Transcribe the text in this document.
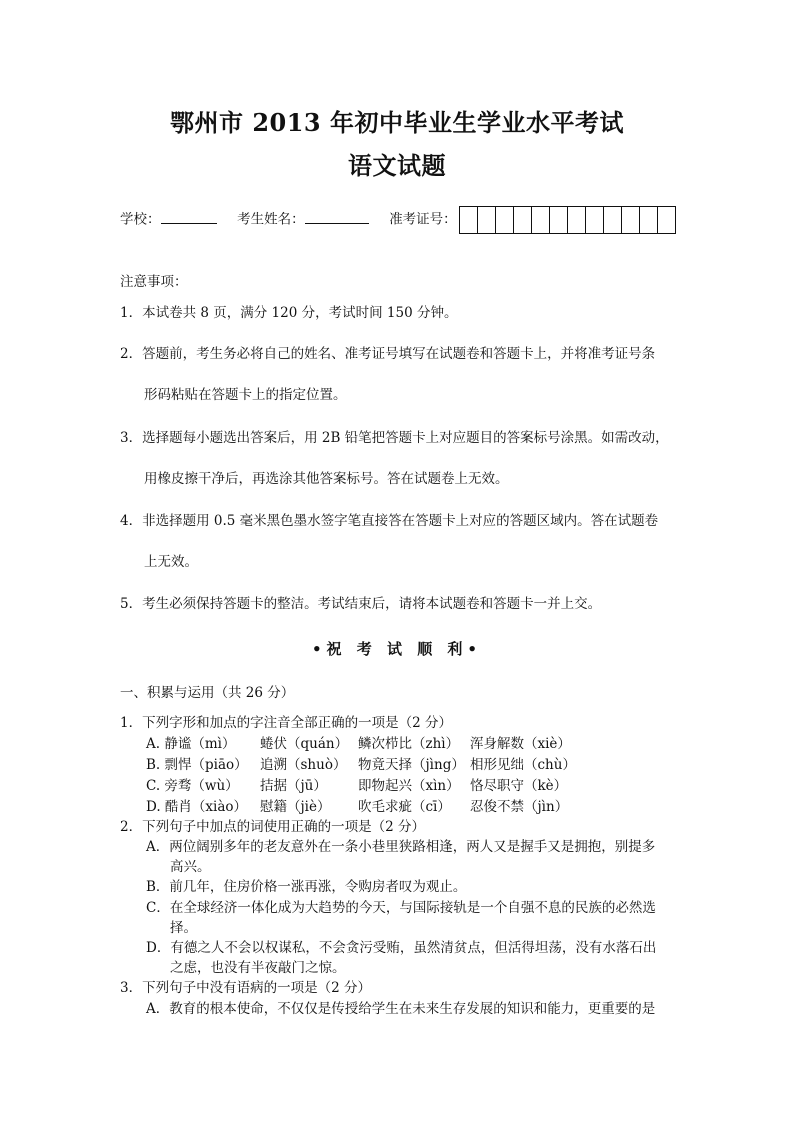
鄂州市 2013 年初中毕业生学业水平考试
语文试题
学校：	考生姓名：	准考证号：
注意事项：
1．本试卷共 8 页，满分 120 分，考试时间 150 分钟。
2．答题前，考生务必将自己的姓名、准考证号填写在试题卷和答题卡上，并将准考证号条
形码粘贴在答题卡上的指定位置。
3．选择题每小题选出答案后，用 2B 铅笔把答题卡上对应题目的答案标号涂黑。如需改动，
用橡皮擦干净后，再选涂其他答案标号。答在试题卷上无效。
4．非选择题用 0.5 毫米黑色墨水签字笔直接答在答题卡上对应的答题区域内。答在试题卷
上无效。
5．考生必须保持答题卡的整洁。考试结束后，请将本试题卷和答题卡一并上交。
•祝 考 试 顺 利•
一、积累与运用（共 26 分）
1．下列字形和加点的字注音全部正确的一项是（2 分）
A. 静谧（mì） 蜷伏（quán） 鳞次栉比（zhì） 浑身解数（xiè）
B. 剽悍（piāo） 追溯（shuò） 物竟天择（jìng） 相形见绌（chù）
C. 旁骛（wù） 拮据（jū） 即物起兴（xìn） 恪尽职守（kè）
D. 酷肖（xiào） 慰籍（jiè） 吹毛求疵（cī） 忍俊不禁（jìn）
2．下列句子中加点的词使用正确的一项是（2 分）
A．两位阔别多年的老友意外在一条小巷里狭路相逢，两人又是握手又是拥抱，别提多
高兴。
B．前几年，住房价格一涨再涨，令购房者叹为观止。
C．在全球经济一体化成为大趋势的今天，与国际接轨是一个自强不息的民族的必然选
择。
D．有德之人不会以权谋私，不会贪污受贿，虽然清贫点，但活得坦荡，没有水落石出
之虑，也没有半夜敲门之惊。
3．下列句子中没有语病的一项是（2 分）
A．教育的根本使命，不仅仅是传授给学生在未来生存发展的知识和能力，更重要的是
